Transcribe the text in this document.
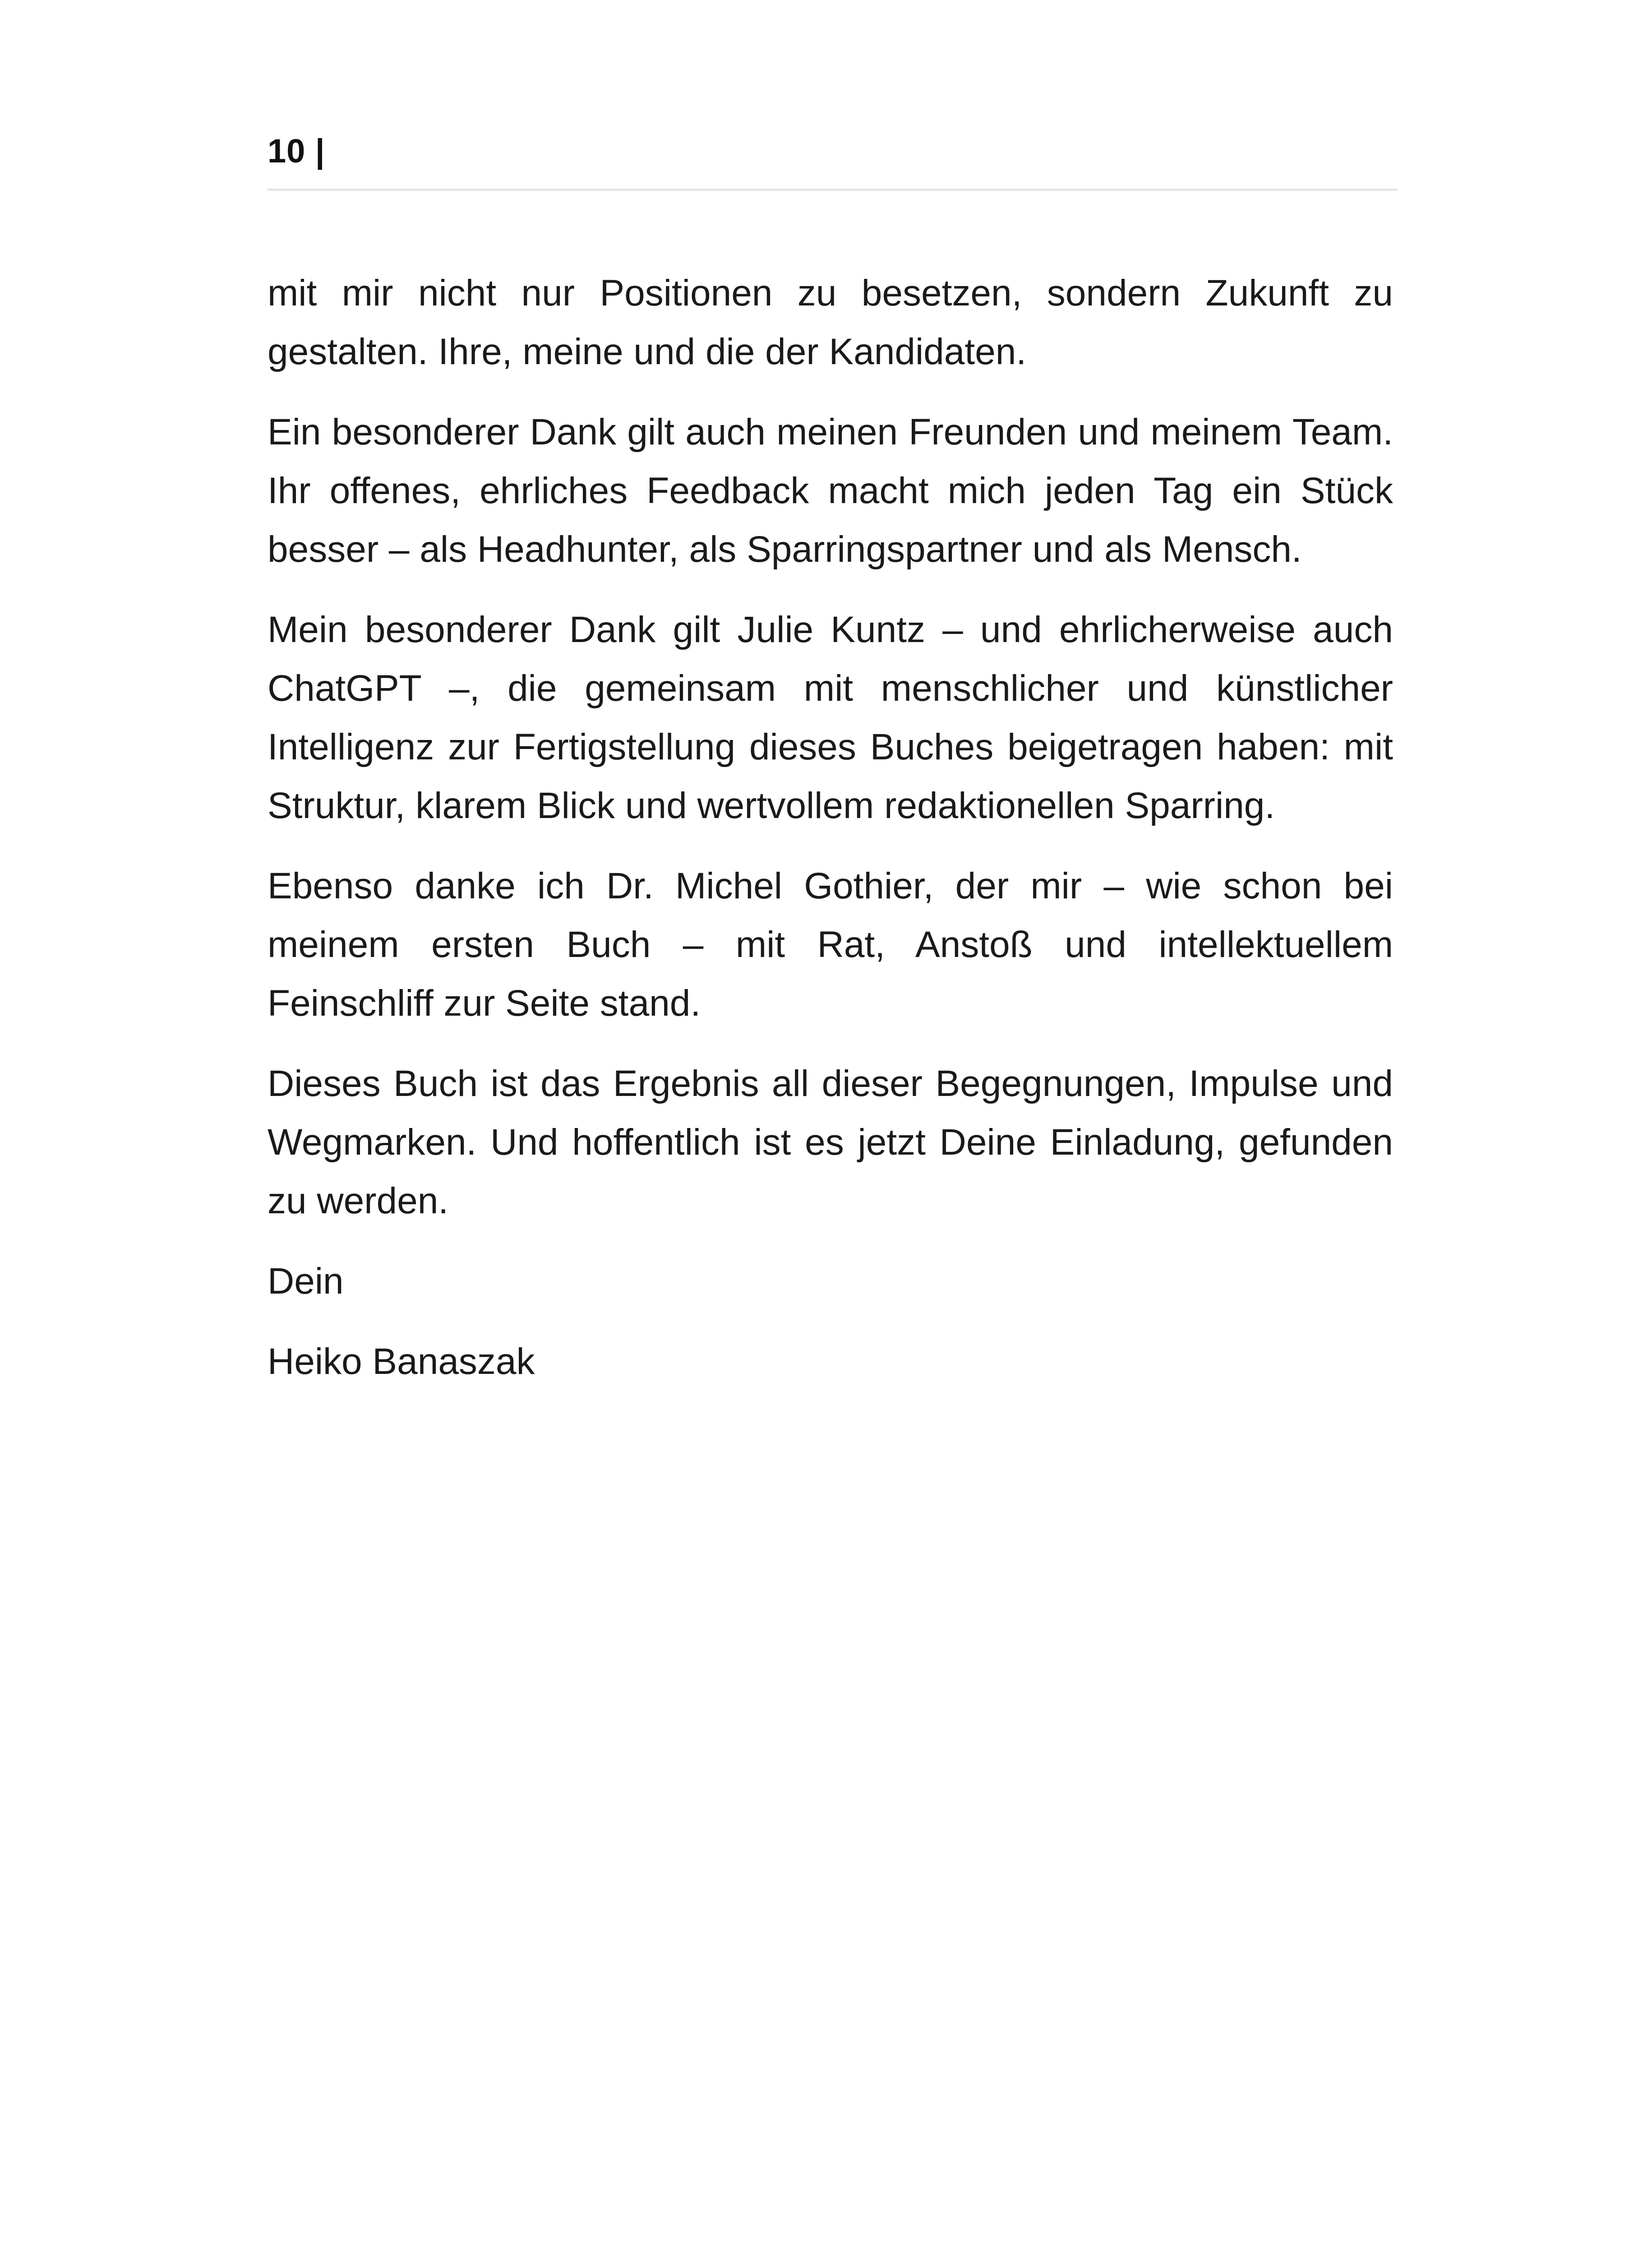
10 |

mit mir nicht nur Positionen zu besetzen, sondern Zukunft zu gestalten. Ihre, meine und die der Kandidaten.

Ein besonderer Dank gilt auch meinen Freunden und meinem Team. Ihr offenes, ehrliches Feedback macht mich jeden Tag ein Stück besser – als Headhunter, als Sparringspartner und als Mensch.

Mein besonderer Dank gilt Julie Kuntz – und ehrlicherweise auch ChatGPT –, die gemeinsam mit menschlicher und künstlicher Intelligenz zur Fertigstellung dieses Buches beigetragen haben: mit Struktur, klarem Blick und wertvollem redaktionellen Sparring.

Ebenso danke ich Dr. Michel Gothier, der mir – wie schon bei meinem ersten Buch – mit Rat, Anstoß und intellektuellem Feinschliff zur Seite stand.

Dieses Buch ist das Ergebnis all dieser Begegnungen, Impulse und Wegmarken. Und hoffentlich ist es jetzt Deine Einladung, gefunden zu werden.

Dein

Heiko Banaszak
